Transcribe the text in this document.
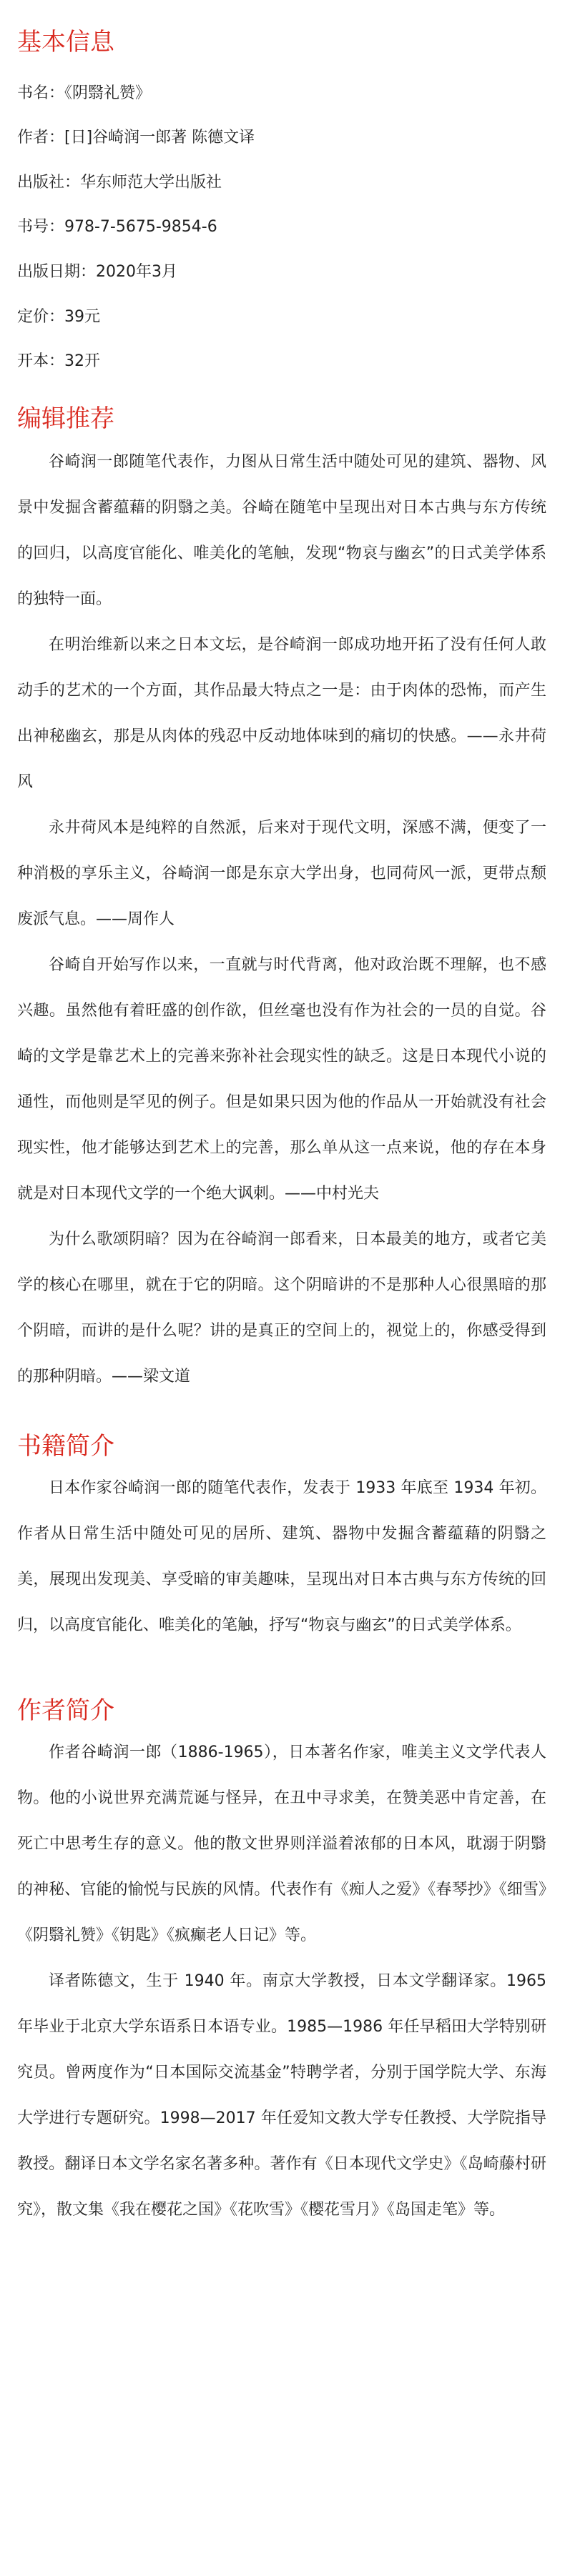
基本信息

书名：《阴翳礼赞》

作者：[日]谷崎润一郎著 陈德文译

出版社：华东师范大学出版社

书号：978-7-5675-9854-6

出版日期：2020年3月

定价：39元

开本：32开

编辑推荐

谷崎润一郎随笔代表作，力图从日常生活中随处可见的建筑、器物、风景中发掘含蓄蕴藉的阴翳之美。谷崎在随笔中呈现出对日本古典与东方传统的回归，以高度官能化、唯美化的笔触，发现“物哀与幽玄”的日式美学体系的独特一面。

在明治维新以来之日本文坛，是谷崎润一郎成功地开拓了没有任何人敢动手的艺术的一个方面，其作品最大特点之一是：由于肉体的恐怖，而产生出神秘幽玄，那是从肉体的残忍中反动地体味到的痛切的快感。——永井荷风

永井荷风本是纯粹的自然派，后来对于现代文明，深感不满，便变了一种消极的享乐主义，谷崎润一郎是东京大学出身，也同荷风一派，更带点颓废派气息。——周作人

谷崎自开始写作以来，一直就与时代背离，他对政治既不理解，也不感兴趣。虽然他有着旺盛的创作欲，但丝毫也没有作为社会的一员的自觉。谷崎的文学是靠艺术上的完善来弥补社会现实性的缺乏。这是日本现代小说的通性，而他则是罕见的例子。但是如果只因为他的作品从一开始就没有社会现实性，他才能够达到艺术上的完善，那么单从这一点来说，他的存在本身就是对日本现代文学的一个绝大讽刺。——中村光夫

为什么歌颂阴暗？因为在谷崎润一郎看来，日本最美的地方，或者它美学的核心在哪里，就在于它的阴暗。这个阴暗讲的不是那种人心很黑暗的那个阴暗，而讲的是什么呢？讲的是真正的空间上的，视觉上的，你感受得到的那种阴暗。——梁文道

书籍简介

日本作家谷崎润一郎的随笔代表作，发表于 1933 年底至 1934 年初。作者从日常生活中随处可见的居所、建筑、器物中发掘含蓄蕴藉的阴翳之美，展现出发现美、享受暗的审美趣味，呈现出对日本古典与东方传统的回归，以高度官能化、唯美化的笔触，抒写“物哀与幽玄”的日式美学体系。

作者简介

作者谷崎润一郎（1886-1965），日本著名作家，唯美主义文学代表人物。他的小说世界充满荒诞与怪异，在丑中寻求美，在赞美恶中肯定善，在死亡中思考生存的意义。他的散文世界则洋溢着浓郁的日本风，耽溺于阴翳的神秘、官能的愉悦与民族的风情。代表作有《痴人之爱》《春琴抄》《细雪》《阴翳礼赞》《钥匙》《疯癫老人日记》等。

译者陈德文，生于 1940 年。南京大学教授，日本文学翻译家。1965年毕业于北京大学东语系日本语专业。1985—1986 年任早稻田大学特别研究员。曾两度作为“日本国际交流基金”特聘学者，分别于国学院大学、东海大学进行专题研究。1998—2017 年任爱知文教大学专任教授、大学院指导教授。翻译日本文学名家名著多种。著作有《日本现代文学史》《岛崎藤村研究》，散文集《我在樱花之国》《花吹雪》《樱花雪月》《岛国走笔》等。
